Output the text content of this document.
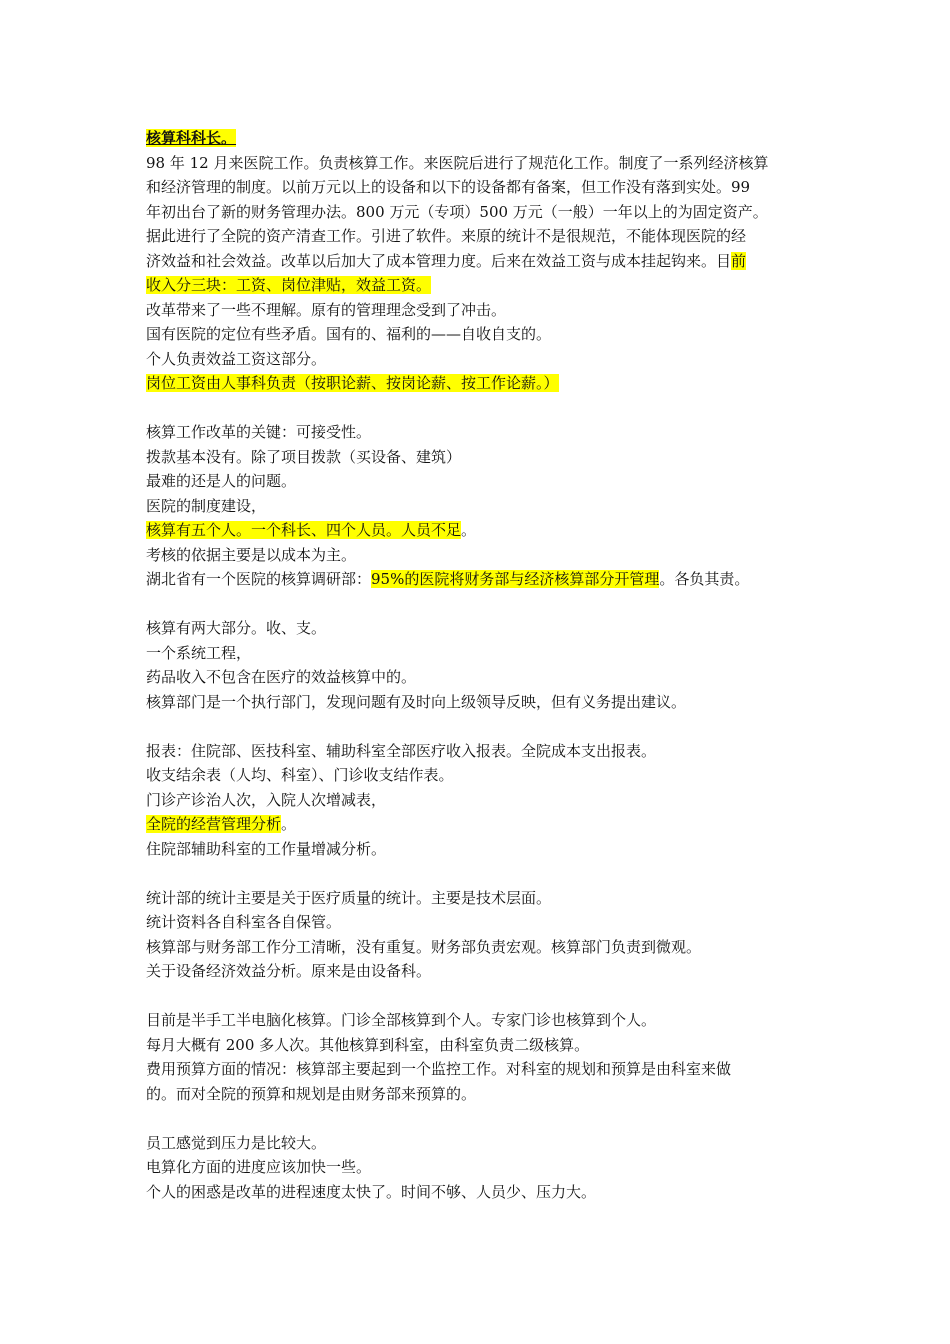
核算科科长。
98 年 12 月来医院工作。负责核算工作。来医院后进行了规范化工作。制度了一系列经济核算
和经济管理的制度。以前万元以上的设备和以下的设备都有备案，但工作没有落到实处。99
年初出台了新的财务管理办法。800 万元（专项）500 万元（一般）一年以上的为固定资产。
据此进行了全院的资产清查工作。引进了软件。来原的统计不是很规范，不能体现医院的经
济效益和社会效益。改革以后加大了成本管理力度。后来在效益工资与成本挂起钩来。目前
收入分三块：工资、岗位津贴，效益工资。
改革带来了一些不理解。原有的管理理念受到了冲击。
国有医院的定位有些矛盾。国有的、福利的——自收自支的。
个人负责效益工资这部分。
岗位工资由人事科负责（按职论薪、按岗论薪、按工作论薪。）
核算工作改革的关键：可接受性。
拨款基本没有。除了项目拨款（买设备、建筑）
最难的还是人的问题。
医院的制度建设，
核算有五个人。一个科长、四个人员。人员不足。
考核的依据主要是以成本为主。
湖北省有一个医院的核算调研部：95%的医院将财务部与经济核算部分开管理。各负其责。
核算有两大部分。收、支。
一个系统工程，
药品收入不包含在医疗的效益核算中的。
核算部门是一个执行部门，发现问题有及时向上级领导反映，但有义务提出建议。
报表：住院部、医技科室、辅助科室全部医疗收入报表。全院成本支出报表。
收支结余表（人均、科室）、门诊收支结作表。
门诊产诊治人次，入院人次增减表，
全院的经营管理分析。
住院部辅助科室的工作量增减分析。
统计部的统计主要是关于医疗质量的统计。主要是技术层面。
统计资料各自科室各自保管。
核算部与财务部工作分工清晰，没有重复。财务部负责宏观。核算部门负责到微观。
关于设备经济效益分析。原来是由设备科。
目前是半手工半电脑化核算。门诊全部核算到个人。专家门诊也核算到个人。
每月大概有 200 多人次。其他核算到科室，由科室负责二级核算。
费用预算方面的情况：核算部主要起到一个监控工作。对科室的规划和预算是由科室来做
的。而对全院的预算和规划是由财务部来预算的。
员工感觉到压力是比较大。
电算化方面的进度应该加快一些。
个人的困惑是改革的进程速度太快了。时间不够、人员少、压力大。
